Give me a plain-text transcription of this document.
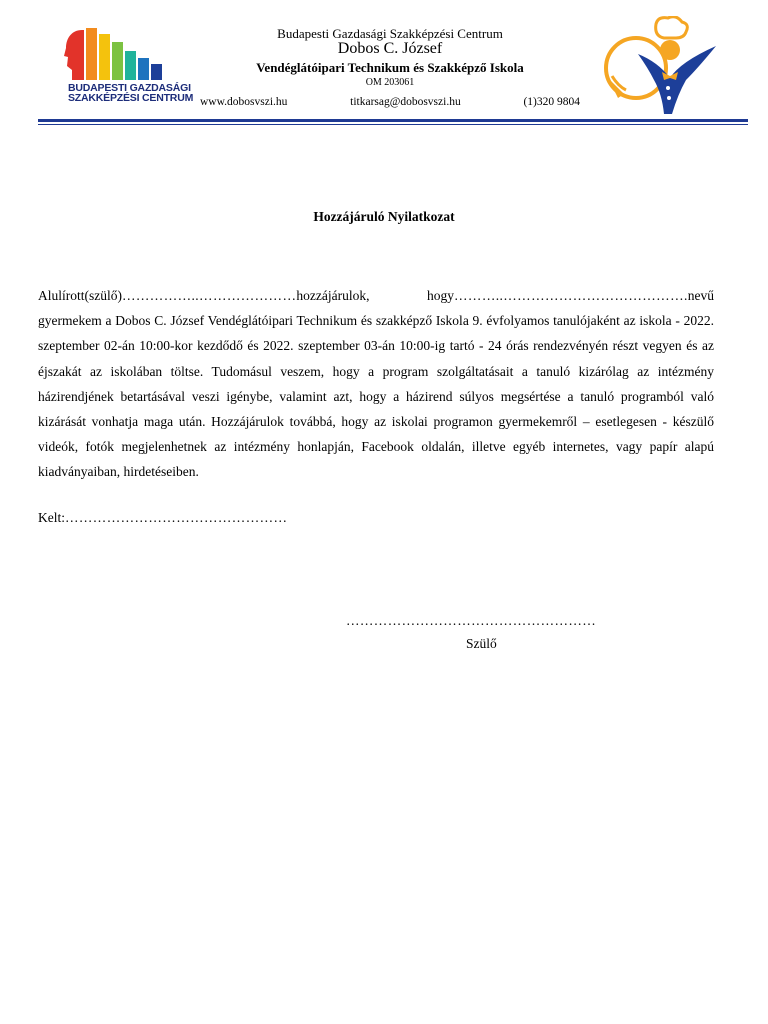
BUDAPESTI GAZDASÁGI
SZAKKÉPZÉSI CENTRUM
Budapesti Gazdasági Szakképzési Centrum
Dobos C. József
Vendéglátóipari Technikum és Szakképző Iskola
OM 203061
www.dobosvszi.hu	titkarsag@dobosvszi.hu	(1)320 9804
Hozzájáruló Nyilatkozat
Alulírott(szülő)……………..…………………hozzájárulok, hogy………..………………………………….nevű gyermekem a Dobos C. József Vendéglátóipari Technikum és szakképző Iskola 9. évfolyamos tanulójaként az iskola - 2022. szeptember 02-án 10:00-kor kezdődő és 2022. szeptember 03-án 10:00-ig tartó - 24 órás rendezvényén részt vegyen és az éjszakát az iskolában töltse. Tudomásul veszem, hogy a program szolgáltatásait a tanuló kizárólag az intézmény házirendjének betartásával veszi igénybe, valamint azt, hogy a házirend súlyos megsértése a tanuló programból való kizárását vonhatja maga után. Hozzájárulok továbbá, hogy az iskolai programon gyermekemről – esetlegesen - készülő videók, fotók megjelenhetnek az intézmény honlapján, Facebook oldalán, illetve egyéb internetes, vagy papír alapú kiadványaiban, hirdetéseiben.
Kelt:…………………………………………
………………………………………………
Szülő
